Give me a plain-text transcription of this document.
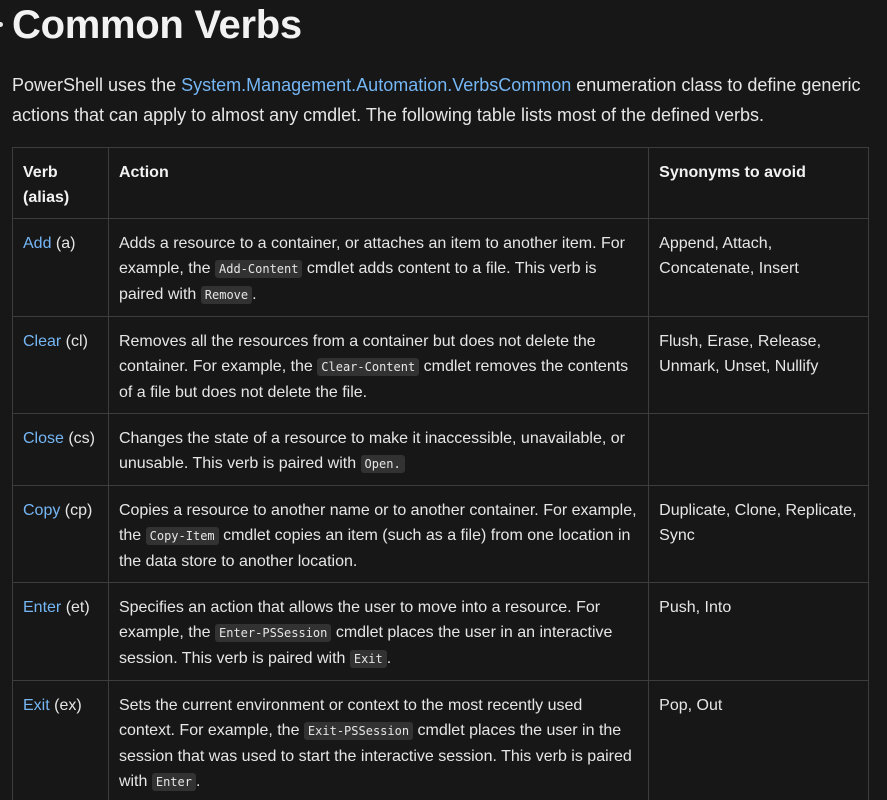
Common Verbs

PowerShell uses the System.Management.Automation.VerbsCommon enumeration class to define generic actions that can apply to almost any cmdlet. The following table lists most of the defined verbs.

Verb
(alias)	Action	Synonyms to avoid
Add (a)	Adds a resource to a container, or attaches an item to another item. For example, the Add-Content cmdlet adds content to a file. This verb is paired with Remove .	Append, Attach, Concatenate, Insert
Clear (cl)	Removes all the resources from a container but does not delete the container. For example, the Clear-Content cmdlet removes the contents of a file but does not delete the file.	Flush, Erase, Release, Unmark, Unset, Nullify
Close (cs)	Changes the state of a resource to make it inaccessible, unavailable, or unusable. This verb is paired with Open.	
Copy (cp)	Copies a resource to another name or to another container. For example, the Copy-Item cmdlet copies an item (such as a file) from one location in the data store to another location.	Duplicate, Clone, Replicate, Sync
Enter (et)	Specifies an action that allows the user to move into a resource. For example, the Enter-PSSession cmdlet places the user in an interactive session. This verb is paired with Exit .	Push, Into
Exit (ex)	Sets the current environment or context to the most recently used context. For example, the Exit-PSSession cmdlet places the user in the session that was used to start the interactive session. This verb is paired with Enter .	Pop, Out
